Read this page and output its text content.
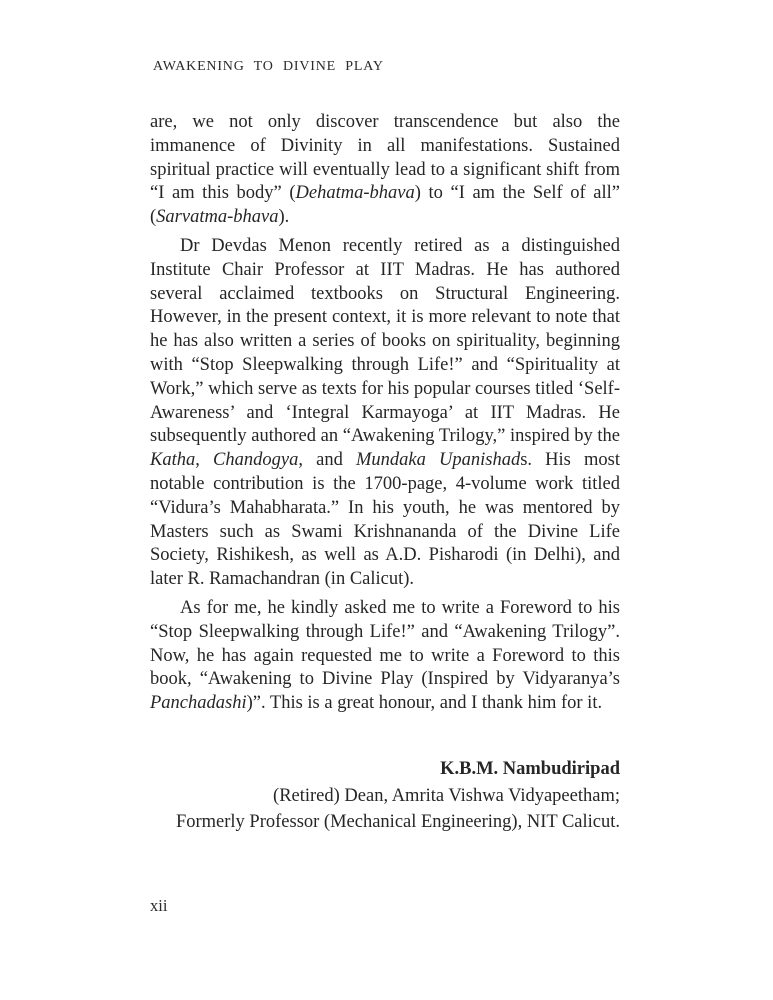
AWAKENING TO DIVINE PLAY

are, we not only discover transcendence but also the immanence of Divinity in all manifestations. Sustained spiritual practice will eventually lead to a significant shift from “I am this body” (Dehatma-bhava) to “I am the Self of all” (Sarvatma-bhava).

Dr Devdas Menon recently retired as a distinguished Institute Chair Professor at IIT Madras. He has authored several acclaimed textbooks on Structural Engineering. However, in the present context, it is more relevant to note that he has also written a series of books on spirituality, beginning with “Stop Sleepwalking through Life!” and “Spirituality at Work,” which serve as texts for his popular courses titled ‘Self-Awareness’ and ‘Integral Karmayoga’ at IIT Madras. He subsequently authored an “Awakening Trilogy,” inspired by the Katha, Chandogya, and Mundaka Upanishads. His most notable contribution is the 1700-page, 4-volume work titled “Vidura’s Mahabharata.” In his youth, he was mentored by Masters such as Swami Krishnananda of the Divine Life Society, Rishikesh, as well as A.D. Pisharodi (in Delhi), and later R. Ramachandran (in Calicut).

As for me, he kindly asked me to write a Foreword to his “Stop Sleepwalking through Life!” and “Awakening Trilogy”. Now, he has again requested me to write a Foreword to this book, “Awakening to Divine Play (Inspired by Vidyaranya’s Panchadashi)”. This is a great honour, and I thank him for it.

K.B.M. Nambudiripad
(Retired) Dean, Amrita Vishwa Vidyapeetham;
Formerly Professor (Mechanical Engineering), NIT Calicut.
xii
